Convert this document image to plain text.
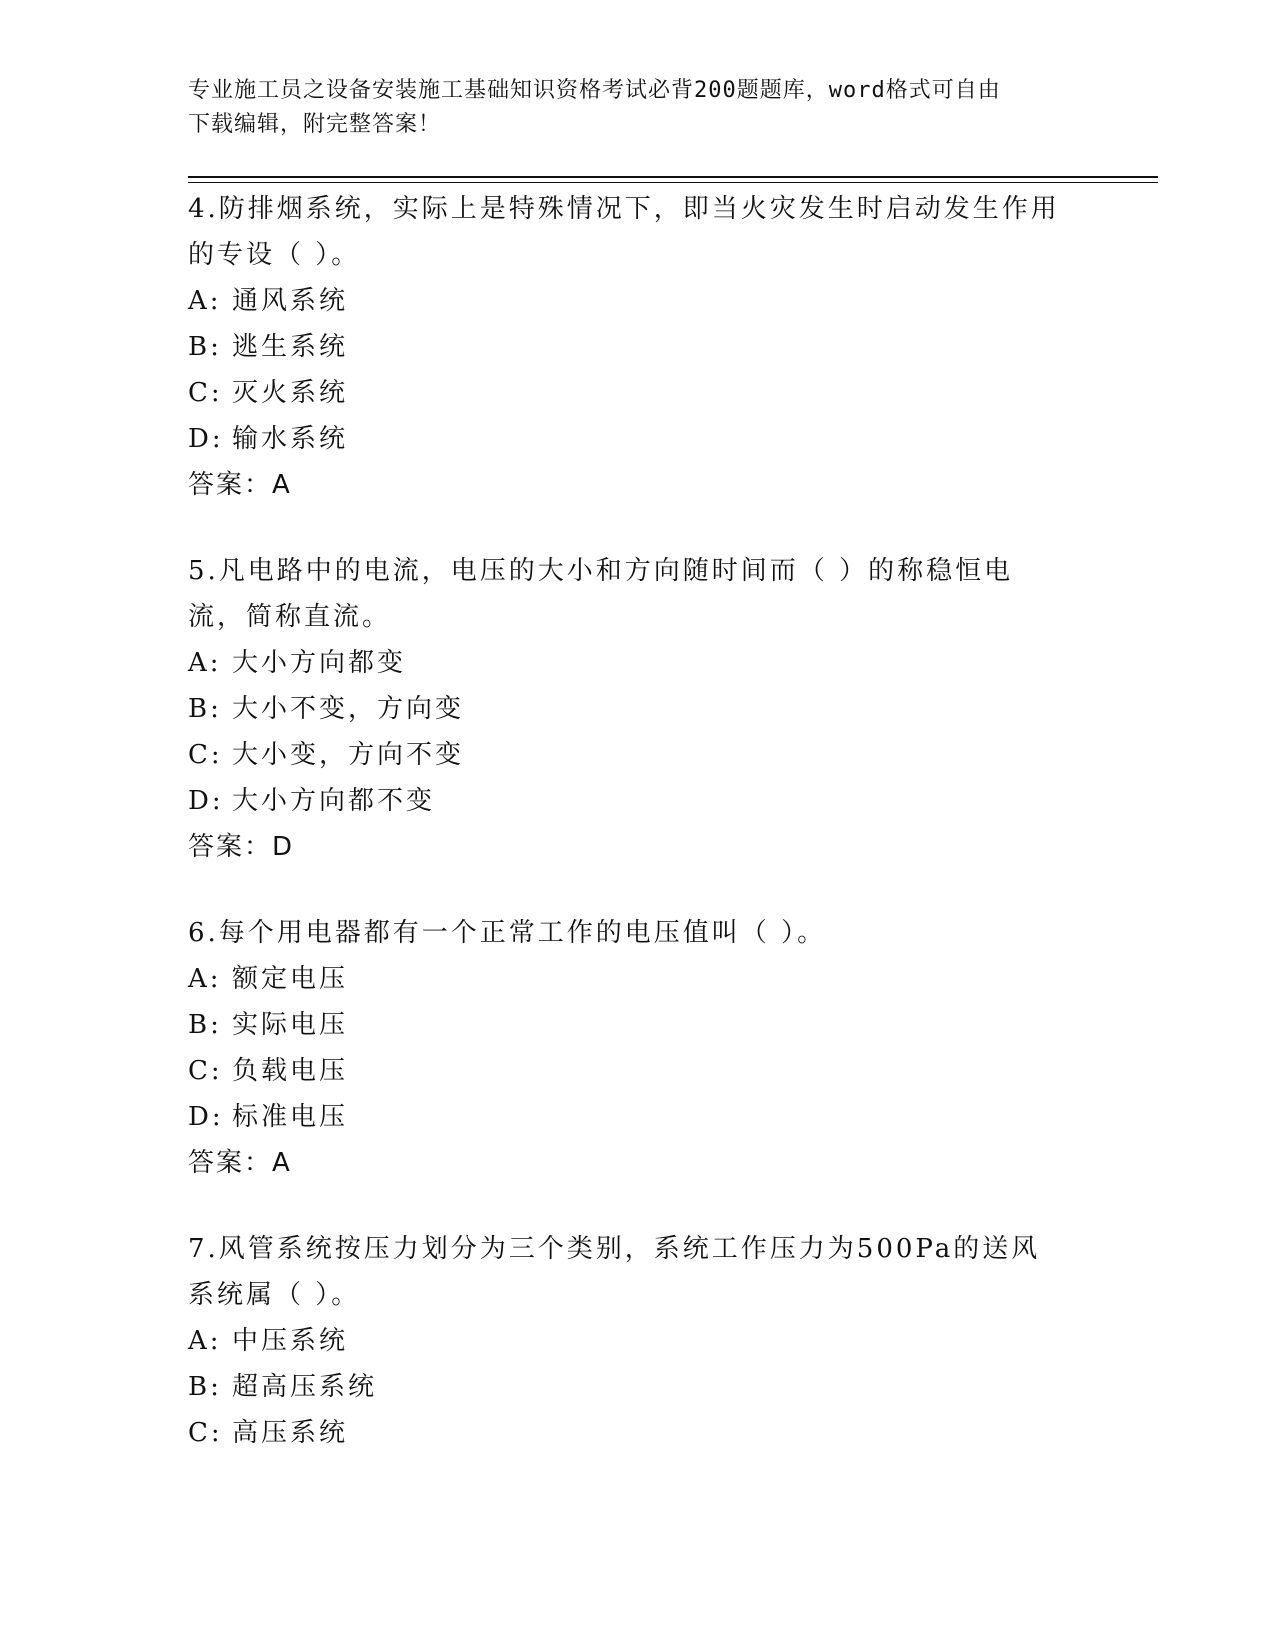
专业施工员之设备安装施工基础知识资格考试必背200题题库，word格式可自由
下载编辑，附完整答案！

4.防排烟系统，实际上是特殊情况下，即当火灾发生时启动发生作用的专设（ ）。

A: 通风系统

B: 逃生系统

C: 灭火系统

D: 输水系统

答案：A

5.凡电路中的电流，电压的大小和方向随时间而（ ）的称稳恒电流，简称直流。

A: 大小方向都变

B: 大小不变，方向变

C: 大小变，方向不变

D: 大小方向都不变

答案：D

6.每个用电器都有一个正常工作的电压值叫（ ）。

A: 额定电压

B: 实际电压

C: 负载电压

D: 标准电压

答案：A

7.风管系统按压力划分为三个类别，系统工作压力为500Pa的送风系统属（ ）。

A: 中压系统

B: 超高压系统

C: 高压系统
